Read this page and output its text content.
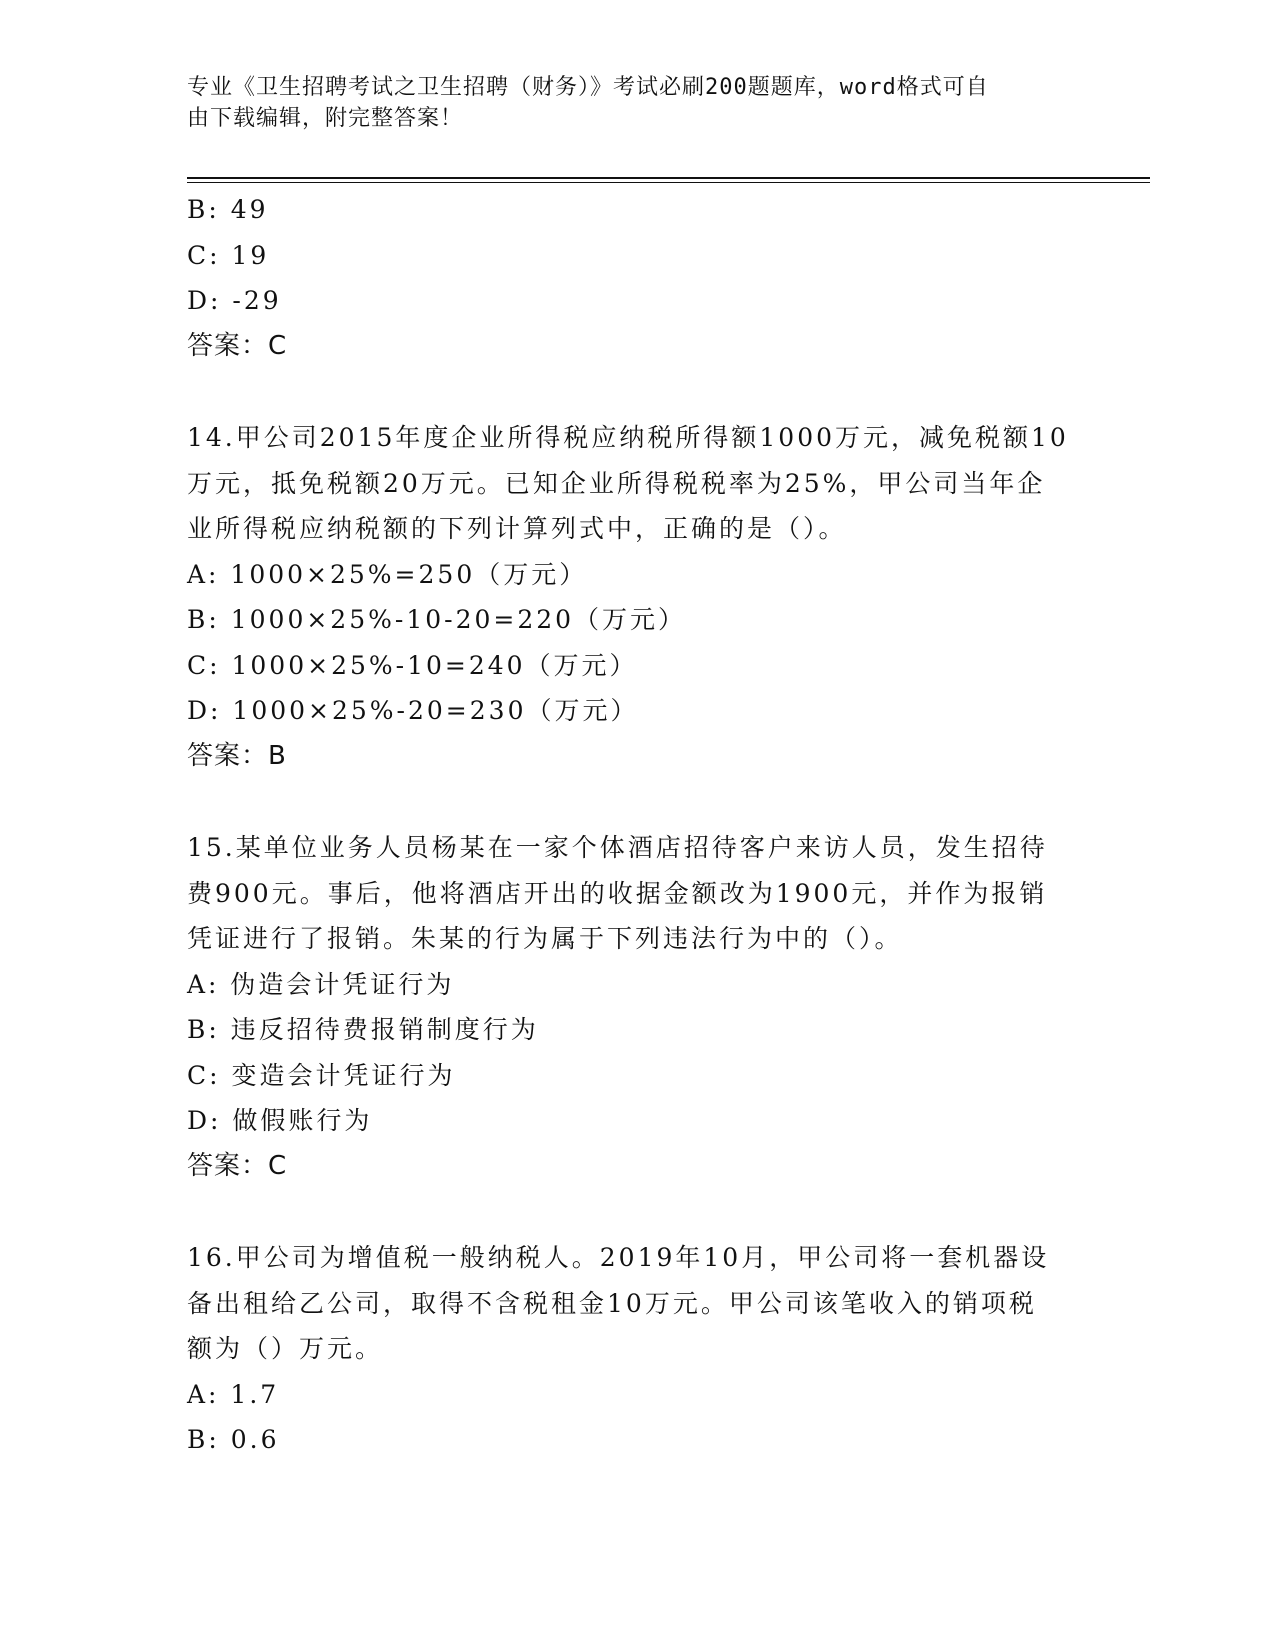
专业《卫生招聘考试之卫生招聘（财务）》考试必刷200题题库，word格式可自
由下载编辑，附完整答案！
B: 49
C: 19
D: -29
答案：C
14.甲公司2015年度企业所得税应纳税所得额1000万元，减免税额10
万元，抵免税额20万元。已知企业所得税税率为25%，甲公司当年企
业所得税应纳税额的下列计算列式中，正确的是（）。
A: 1000×25%=250（万元）
B: 1000×25%-10-20=220（万元）
C: 1000×25%-10=240（万元）
D: 1000×25%-20=230（万元）
答案：B
15.某单位业务人员杨某在一家个体酒店招待客户来访人员，发生招待
费900元。事后，他将酒店开出的收据金额改为1900元，并作为报销
凭证进行了报销。朱某的行为属于下列违法行为中的（）。
A: 伪造会计凭证行为
B: 违反招待费报销制度行为
C: 变造会计凭证行为
D: 做假账行为
答案：C
16.甲公司为增值税一般纳税人。2019年10月，甲公司将一套机器设
备出租给乙公司，取得不含税租金10万元。甲公司该笔收入的销项税
额为（）万元。
A: 1.7
B: 0.6
